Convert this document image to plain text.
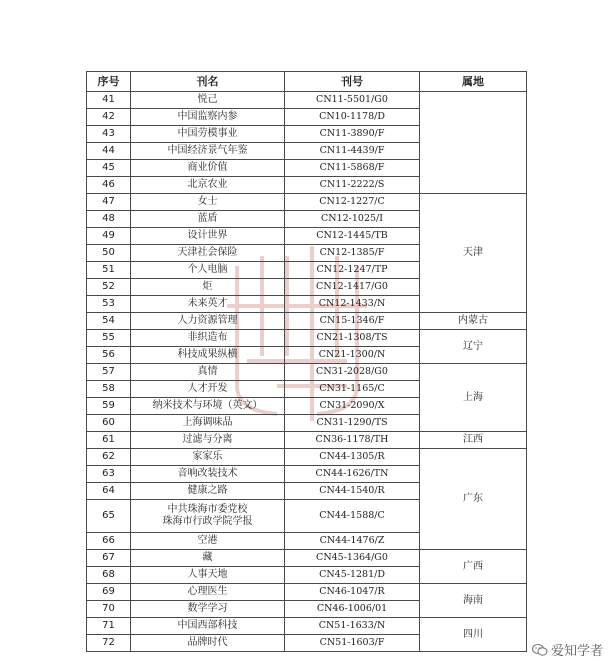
序号	刊名	刊号	属地
41	悦己	CN11-5501/G0	
42	中国监察内参	CN10-1178/D	
43	中国劳模事业	CN11-3890/F	
44	中国经济景气年鉴	CN11-4439/F	
45	商业价值	CN11-5868/F	
46	北京农业	CN11-2222/S	
47	女士	CN12-1227/C	天津
48	蓝盾	CN12-1025/I	
49	设计世界	CN12-1445/TB	
50	天津社会保险	CN12-1385/F	
51	个人电脑	CN12-1247/TP	
52	炬	CN12-1417/G0	
53	未来英才	CN12-1433/N	
54	人力资源管理	CN15-1346/F	内蒙古
55	非织造布	CN21-1308/TS	辽宁
56	科技成果纵横	CN21-1300/N	
57	真情	CN31-2028/G0	上海
58	人才开发	CN31-1165/C	
59	纳米技术与环境（英文）	CN31-2090/X	
60	上海调味品	CN31-1290/TS	
61	过滤与分离	CN36-1178/TH	江西
62	家家乐	CN44-1305/R	广东
63	音响改装技术	CN44-1626/TN	
64	健康之路	CN44-1540/R	
65	中共珠海市委党校
珠海市行政学院学报	CN44-1588/C	
66	空港	CN44-1476/Z	
67	藏	CN45-1364/G0	广西
68	人事天地	CN45-1281/D	
69	心理医生	CN46-1047/R	海南
70	数学学习	CN46-1006/01	
71	中国西部科技	CN51-1633/N	四川
72	品牌时代	CN51-1603/F	
爱知学者
